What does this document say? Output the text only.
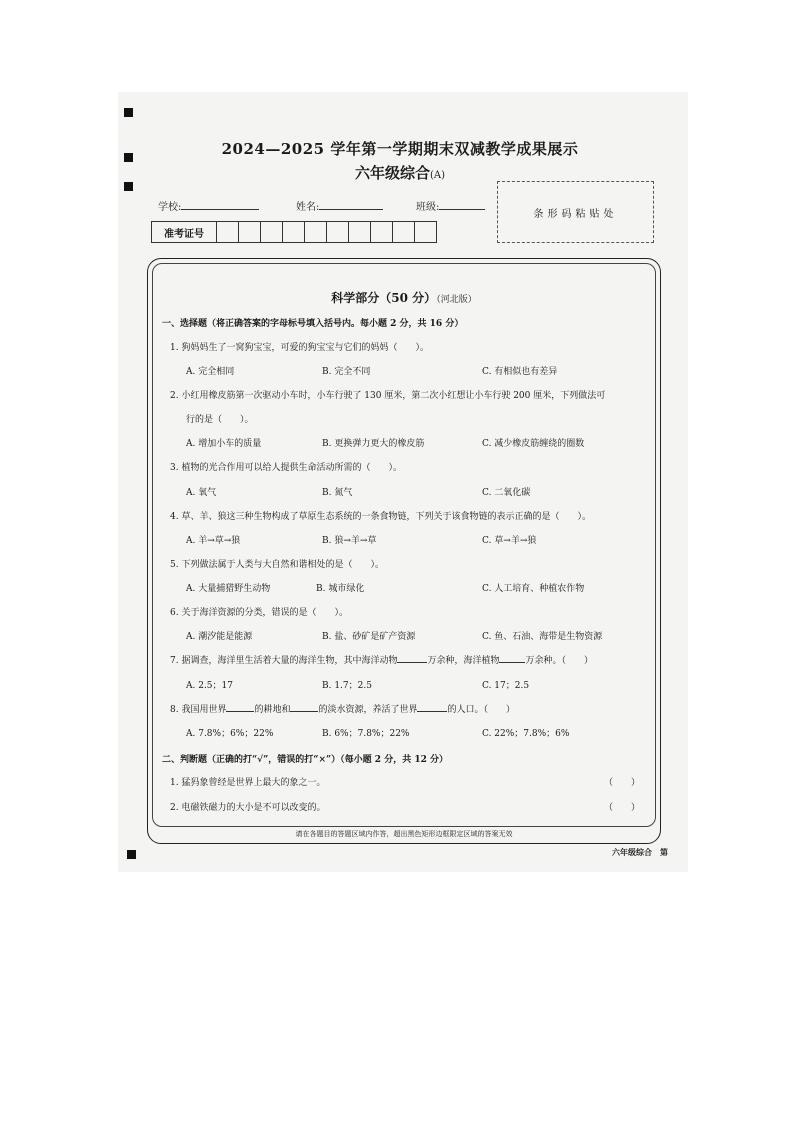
2024—2025 学年第一学期期末双减教学成果展示
六年级综合(A)
学校:	姓名:	班级:
条形码粘贴处
准考证号
科学部分（50 分）（河北版）
一、选择题（将正确答案的字母标号填入括号内。每小题 2 分，共 16 分）
1. 狗妈妈生了一窝狗宝宝，可爱的狗宝宝与它们的妈妈（　　）。
A. 完全相同	B. 完全不同	C. 有相似也有差异
2. 小红用橡皮筋第一次驱动小车时，小车行驶了 130 厘米，第二次小红想让小车行驶 200 厘米，下列做法可
行的是（　　）。
A. 增加小车的质量	B. 更换弹力更大的橡皮筋	C. 减少橡皮筋缠绕的圈数
3. 植物的光合作用可以给人提供生命活动所需的（　　）。
A. 氧气	B. 氮气	C. 二氧化碳
4. 草、羊、狼这三种生物构成了草原生态系统的一条食物链，下列关于该食物链的表示正确的是（　　）。
A. 羊→草→狼	B. 狼→羊→草	C. 草→羊→狼
5. 下列做法属于人类与大自然和谐相处的是（　　）。
A. 大量捕猎野生动物	B. 城市绿化	C. 人工培育、种植农作物
6. 关于海洋资源的分类，错误的是（　　）。
A. 潮汐能是能源	B. 盐、砂矿是矿产资源	C. 鱼、石油、海带是生物资源
7. 据调查，海洋里生活着大量的海洋生物，其中海洋动物	万余种，海洋植物	万余种。（　　）
A. 2.5；17	B. 1.7；2.5	C. 17；2.5
8. 我国用世界	的耕地和	的淡水资源，养活了世界	的人口。（　　）
A. 7.8%；6%；22%	B. 6%；7.8%；22%	C. 22%；7.8%；6%
二、判断题（正确的打“√”，错误的打“×”）（每小题 2 分，共 12 分）
1. 猛犸象曾经是世界上最大的象之一。	（　　）
2. 电磁铁磁力的大小是不可以改变的。	（　　）
请在各题目的答题区域内作答，超出黑色矩形边框限定区域的答案无效
六年级综合　第
